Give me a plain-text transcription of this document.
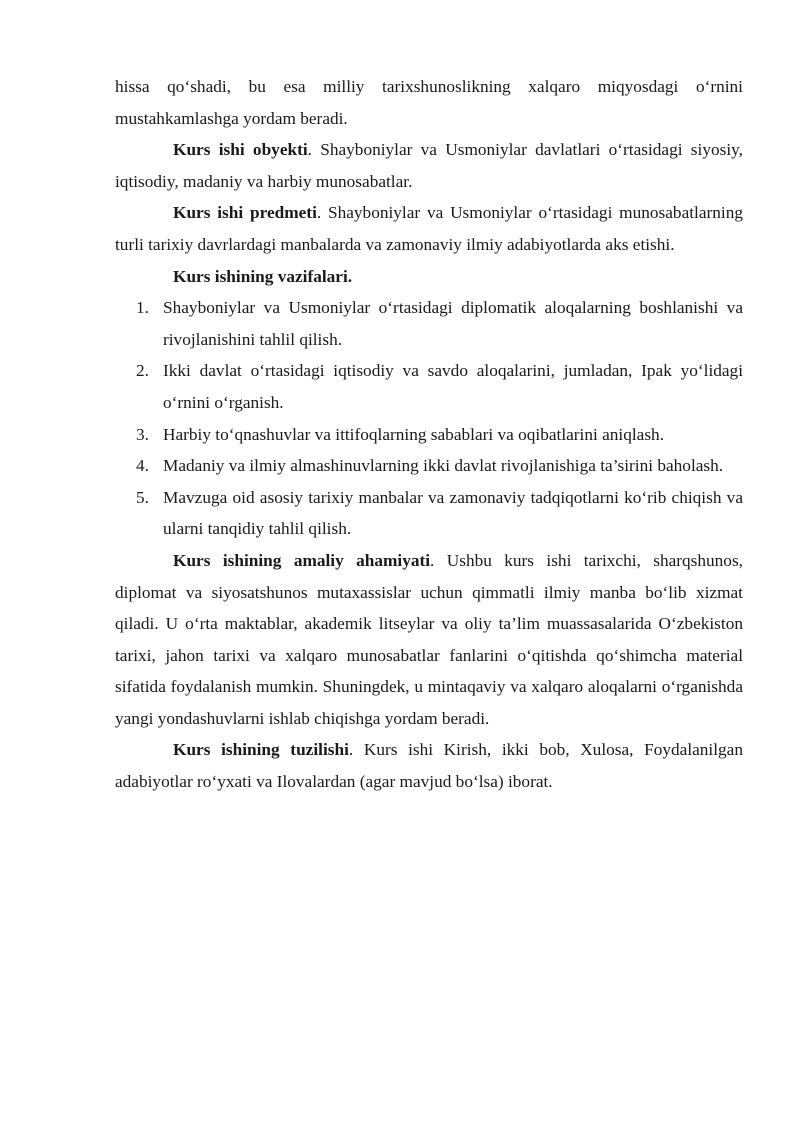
hissa qo‘shadi, bu esa milliy tarixshunoslikning xalqaro miqyosdagi o‘rnini mustahkamlashga yordam beradi.

Kurs ishi obyekti. Shayboniylar va Usmoniylar davlatlari o‘rtasidagi siyosiy, iqtisodiy, madaniy va harbiy munosabatlar.

Kurs ishi predmeti. Shayboniylar va Usmoniylar o‘rtasidagi munosabatlarning turli tarixiy davrlardagi manbalarda va zamonaviy ilmiy adabiyotlarda aks etishi.

Kurs ishining vazifalari.

1. Shayboniylar va Usmoniylar o‘rtasidagi diplomatik aloqalarning boshlanishi va rivojlanishini tahlil qilish.
2. Ikki davlat o‘rtasidagi iqtisodiy va savdo aloqalarini, jumladan, Ipak yo‘lidagi o‘rnini o‘rganish.
3. Harbiy to‘qnashuvlar va ittifoqlarning sabablari va oqibatlarini aniqlash.
4. Madaniy va ilmiy almashinuvlarning ikki davlat rivojlanishiga ta’sirini baholash.
5. Mavzuga oid asosiy tarixiy manbalar va zamonaviy tadqiqotlarni ko‘rib chiqish va ularni tanqidiy tahlil qilish.

Kurs ishining amaliy ahamiyati. Ushbu kurs ishi tarixchi, sharqshunos, diplomat va siyosatshunos mutaxassislar uchun qimmatli ilmiy manba bo‘lib xizmat qiladi. U o‘rta maktablar, akademik litseylar va oliy ta’lim muassasalarida O‘zbekiston tarixi, jahon tarixi va xalqaro munosabatlar fanlarini o‘qitishda qo‘shimcha material sifatida foydalanish mumkin. Shuningdek, u mintaqaviy va xalqaro aloqalarni o‘rganishda yangi yondashuvlarni ishlab chiqishga yordam beradi.

Kurs ishining tuzilishi. Kurs ishi Kirish, ikki bob, Xulosa, Foydalanilgan adabiyotlar ro‘yxati va Ilovalardan (agar mavjud bo‘lsa) iborat.
